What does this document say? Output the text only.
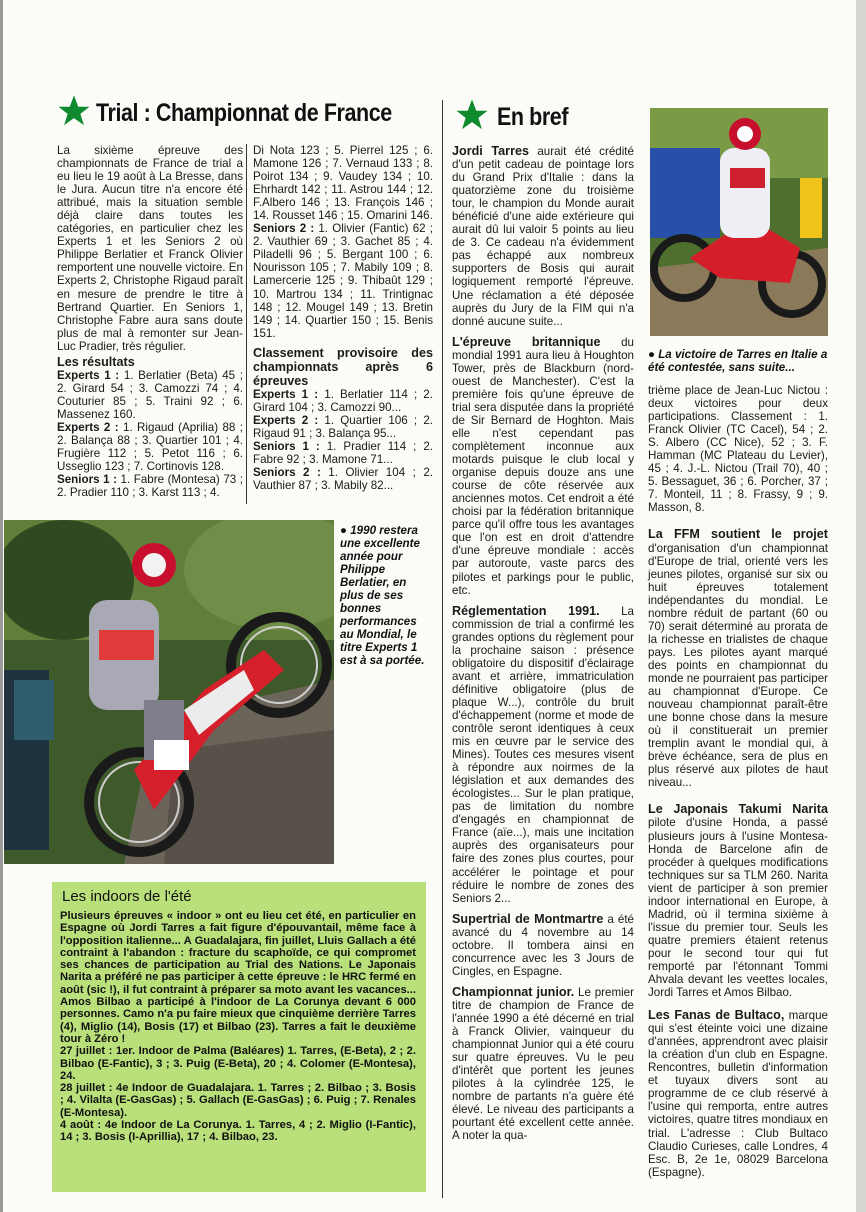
Trial : Championnat de France

La sixième épreuve des championnats de France de trial a eu lieu le 19 août à La Bresse, dans le Jura. Aucun titre n'a encore été attribué, mais la situation semble déjà claire dans toutes les catégories, en particulier chez les Experts 1 et les Seniors 2 où Philippe Berlatier et Franck Olivier remportent une nouvelle victoire. En Experts 2, Christophe Rigaud paraît en mesure de prendre le titre à Bertrand Quartier. En Seniors 1, Christophe Fabre aura sans doute plus de mal à remonter sur Jean-Luc Pradier, très régulier.

Les résultats

Experts 1 : 1. Berlatier (Beta) 45 ; 2. Girard 54 ; 3. Camozzi 74 ; 4. Couturier 85 ; 5. Traini 92 ; 6. Massenez 160.

Experts 2 : 1. Rigaud (Aprilia) 88 ; 2. Balança 88 ; 3. Quartier 101 ; 4. Frugière 112 ; 5. Petot 116 ; 6. Usseglio 123 ; 7. Cortinovis 128.

Seniors 1 : 1. Fabre (Montesa) 73 ; 2. Pradier 110 ; 3. Karst 113 ; 4.

Di Nota 123 ; 5. Pierrel 125 ; 6. Mamone 126 ; 7. Vernaud 133 ; 8. Poirot 134 ; 9. Vaudey 134 ; 10. Ehrhardt 142 ; 11. Astrou 144 ; 12. F.Albero 146 ; 13. François 146 ; 14. Rousset 146 ; 15. Omarini 146.

Seniors 2 : 1. Olivier (Fantic) 62 ; 2. Vauthier 69 ; 3. Gachet 85 ; 4. Piladelli 96 ; 5. Bergant 100 ; 6. Nourisson 105 ; 7. Mabily 109 ; 8. Lamercerie 125 ; 9. Thibaût 129 ; 10. Martrou 134 ; 11. Trintignac 148 ; 12. Mougel 149 ; 13. Bretin 149 ; 14. Quartier 150 ; 15. Benis 151.

Classement provisoire des championnats après 6 épreuves

Experts 1 : 1. Berlatier 114 ; 2. Girard 104 ; 3. Camozzi 90...

Experts 2 : 1. Quartier 106 ; 2. Rigaud 91 ; 3. Balança 95...

Seniors 1 : 1. Pradier 114 ; 2. Fabre 92 ; 3. Mamone 71...

Seniors 2 : 1. Olivier 104 ; 2. Vauthier 87 ; 3. Mabily 82...

● 1990 restera une excellente année pour Philippe Berlatier, en plus de ses bonnes performances au Mondial, le titre Experts 1 est à sa portée.
Les indoors de l'été
Plusieurs épreuves « indoor » ont eu lieu cet été, en particulier en Espagne où Jordi Tarres a fait figure d'épouvantail, même face à l'opposition italienne... A Guadalajara, fin juillet, Lluis Gallach a été contraint à l'abandon : fracture du scaphoïde, ce qui compromet ses chances de participation au Trial des Nations. Le Japonais Narita a préféré ne pas participer à cette épreuve : le HRC fermé en août (sic !), il fut contraint à préparer sa moto avant les vacances... Amos Bilbao a participé à l'indoor de La Corunya devant 6 000 personnes. Camo n'a pu faire mieux que cinquième derrière Tarres (4), Miglio (14), Bosis (17) et Bilbao (23). Tarres a fait le deuxième tour à Zéro !
27 juillet : 1er. Indoor de Palma (Baléares) 1. Tarres, (E-Beta), 2 ; 2. Bilbao (E-Fantic), 3 ; 3. Puig (E-Beta), 20 ; 4. Colomer (E-Montesa), 24.
28 juillet : 4e Indoor de Guadalajara. 1. Tarres ; 2. Bilbao ; 3. Bosis ; 4. Vilalta (E-GasGas) ; 5. Gallach (E-GasGas) ; 6. Puig ; 7. Renales (E-Montesa).
4 août : 4e Indoor de La Corunya. 1. Tarres, 4 ; 2. Miglio (I-Fantic), 14 ; 3. Bosis (I-Aprillia), 17 ; 4. Bilbao, 23.
En bref

Jordi Tarres aurait été crédité d'un petit cadeau de pointage lors du Grand Prix d'Italie : dans la quatorzième zone du troisième tour, le champion du Monde aurait bénéficié d'une aide extérieure qui aurait dû lui valoir 5 points au lieu de 3. Ce cadeau n'a évidemment pas échappé aux nombreux supporters de Bosis qui aurait logiquement remporté l'épreuve. Une réclamation a été déposée auprès du Jury de la FIM qui n'a donné aucune suite...

L'épreuve britannique du mondial 1991 aura lieu à Houghton Tower, près de Blackburn (nord-ouest de Manchester). C'est la première fois qu'une épreuve de trial sera disputée dans la propriété de Sir Bernard de Hoghton. Mais elle n'est cependant pas complètement inconnue aux motards puisque le club local y organise depuis douze ans une course de côte réservée aux anciennes motos. Cet endroit a été choisi par la fédération britannique parce qu'il offre tous les avantages que l'on est en droit d'attendre d'une épreuve mondiale : accès par autoroute, vaste parcs des pilotes et parkings pour le public, etc.

Réglementation 1991. La commission de trial a confirmé les grandes options du règlement pour la prochaine saison : présence obligatoire du dispositif d'éclairage avant et arrière, immatriculation définitive obligatoire (plus de plaque W...), contrôle du bruit d'échappement (norme et mode de contrôle seront identiques à ceux mis en œuvre par le service des Mines). Toutes ces mesures visent à répondre aux noirmes de la législation et aux demandes des écologistes... Sur le plan pratique, pas de limitation du nombre d'engagés en championnat de France (aïe...), mais une incitation auprès des organisateurs pour faire des zones plus courtes, pour accélérer le pointage et pour réduire le nombre de zones des Seniors 2...

Supertrial de Montmartre a été avancé du 4 novembre au 14 octobre. Il tombera ainsi en concurrence avec les 3 Jours de Cingles, en Espagne.

Championnat junior. Le premier titre de champion de France de l'année 1990 a été décerné en trial à Franck Olivier, vainqueur du championnat Junior qui a été couru sur quatre épreuves. Vu le peu d'intérêt que portent les jeunes pilotes à la cylindrée 125, le nombre de partants n'a guère été élevé. Le niveau des participants a pourtant été excellent cette année. A noter la qua-

● La victoire de Tarres en Italie a été contestée, sans suite...

trième place de Jean-Luc Nictou : deux victoires pour deux participations. Classement : 1. Franck Olivier (TC Cacel), 54 ; 2. S. Albero (CC Nice), 52 ; 3. F. Hamman (MC Plateau du Levier), 45 ; 4. J.-L. Nictou (Trail 70), 40 ; 5. Bessaguet, 36 ; 6. Porcher, 37 ; 7. Monteil, 11 ; 8. Frassy, 9 ; 9. Masson, 8.

La FFM soutient le projet d'organisation d'un championnat d'Europe de trial, orienté vers les jeunes pilotes, organisé sur six ou huit épreuves totalement indépendantes du mondial. Le nombre réduit de partant (60 ou 70) serait déterminé au prorata de la richesse en trialistes de chaque pays. Les pilotes ayant marqué des points en championnat du monde ne pourraient pas participer au championnat d'Europe. Ce nouveau championnat paraît-être une bonne chose dans la mesure où il constituerait un premier tremplin avant le mondial qui, à brève échéance, sera de plus en plus réservé aux pilotes de haut niveau...

Le Japonais Takumi Narita pilote d'usine Honda, a passé plusieurs jours à l'usine Montesa-Honda de Barcelone afin de procéder à quelques modifications techniques sur sa TLM 260. Narita vient de participer à son premier indoor international en Europe, à Madrid, où il termina sixième à l'issue du premier tour. Seuls les quatre premiers étaient retenus pour le second tour qui fut remporté par l'étonnant Tommi Ahvala devant les veettes locales, Jordi Tarres et Amos Bilbao.

Les Fanas de Bultaco, marque qui s'est éteinte voici une dizaine d'années, apprendront avec plaisir la création d'un club en Espagne. Rencontres, bulletin d'information et tuyaux divers sont au programme de ce club réservé à l'usine qui remporta, entre autres victoires, quatre titres mondiaux en trial. L'adresse : Club Bultaco Claudio Curieses, calle Londres, 4 Esc. B, 2e 1e, 08029 Barcelona (Espagne).
